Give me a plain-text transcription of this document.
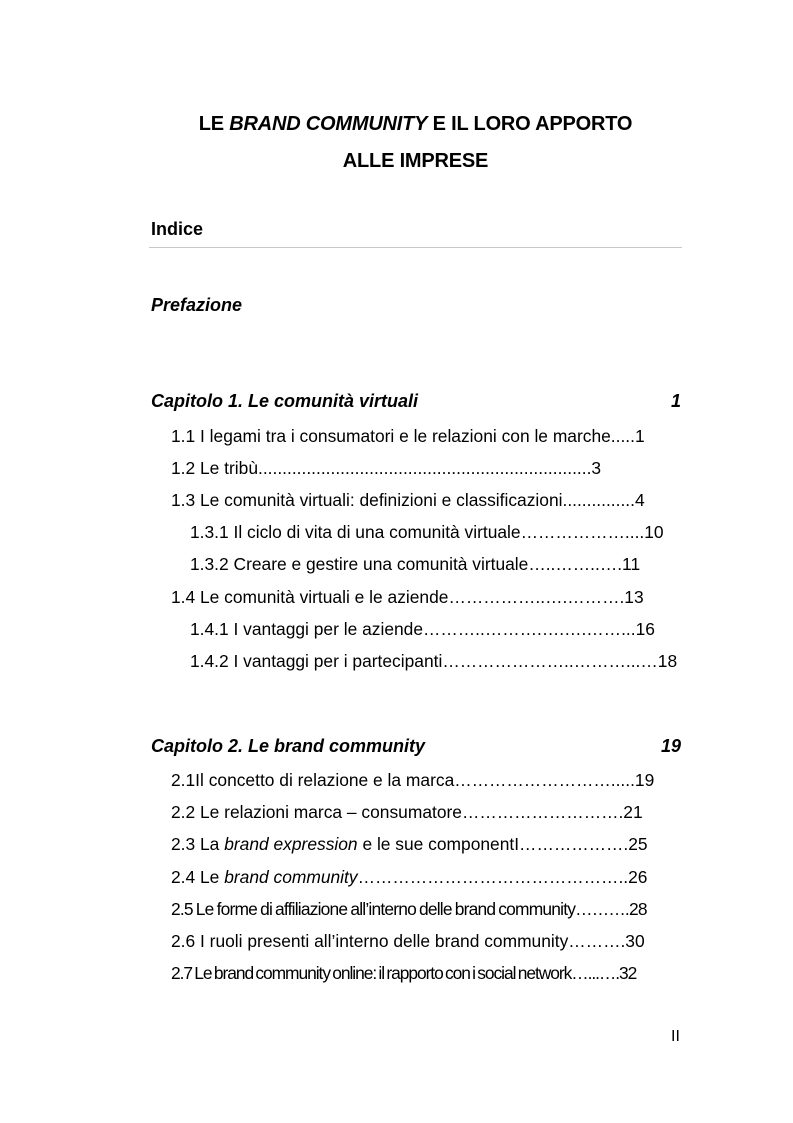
LE BRAND COMMUNITY E IL LORO APPORTO
ALLE IMPRESE
Indice
Prefazione
Capitolo 1. Le comunità virtuali	1
1.1 I legami tra i consumatori e le relazioni con le marche.....1
1.2 Le tribù.....................................................................3
1.3 Le comunità virtuali: definizioni e classificazioni...............4
1.3.1 Il ciclo di vita di una comunità virtuale………………....10
1.3.2 Creare e gestire una comunità virtuale…..……..….11
1.4 Le comunità virtuali e le aziende……………..….……….13
1.4.1 I vantaggi per le aziende………..……….….….……...16
1.4.2 I vantaggi per i partecipanti…………………..………...…18
Capitolo 2. Le brand community	19
2.1Il concetto di relazione e la marca……………………….....19
2.2 Le relazioni marca – consumatore……………………….21
2.3 La brand expression e le sue componentI……………….25
2.4 Le brand community………………………………………..26
2.5 Le forme di affiliazione all’interno delle brand community……….28
2.6 I ruoli presenti all’interno delle brand community……….30
2.7 Le brand community online: il rapporto con i social network…...….32
II
